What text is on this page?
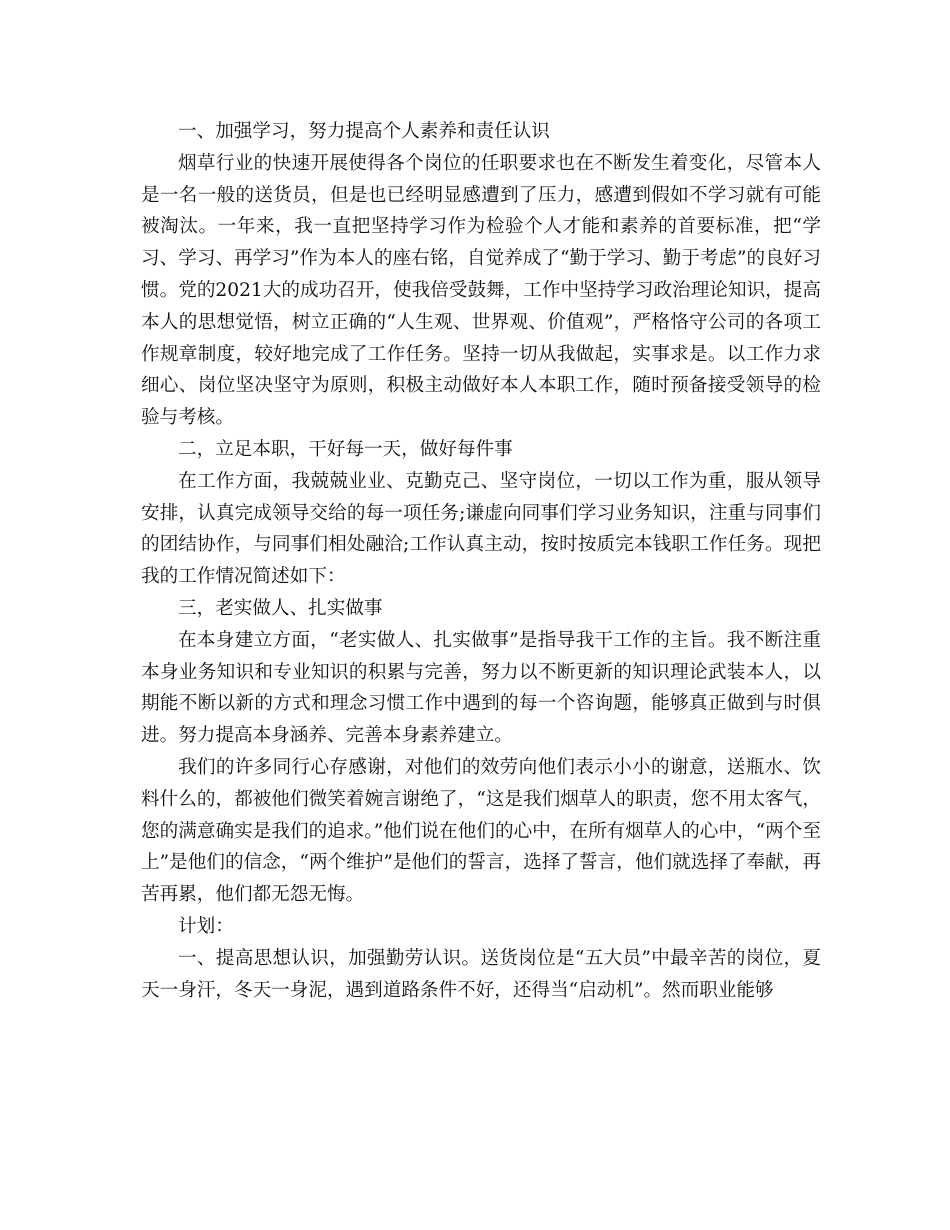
一、加强学习，努力提高个人素养和责任认识

烟草行业的快速开展使得各个岗位的任职要求也在不断发生着变化，尽管本人是一名一般的送货员，但是也已经明显感遭到了压力，感遭到假如不学习就有可能被淘汰。一年来，我一直把坚持学习作为检验个人才能和素养的首要标准，把“学习、学习、再学习”作为本人的座右铭，自觉养成了“勤于学习、勤于考虑”的良好习惯。党的2021大的成功召开，使我倍受鼓舞，工作中坚持学习政治理论知识，提高本人的思想觉悟，树立正确的“人生观、世界观、价值观”，严格恪守公司的各项工作规章制度，较好地完成了工作任务。坚持一切从我做起，实事求是。以工作力求细心、岗位坚决坚守为原则，积极主动做好本人本职工作，随时预备接受领导的检验与考核。

二，立足本职，干好每一天，做好每件事

在工作方面，我兢兢业业、克勤克己、坚守岗位，一切以工作为重，服从领导安排，认真完成领导交给的每一项任务;谦虚向同事们学习业务知识，注重与同事们的团结协作，与同事们相处融洽;工作认真主动，按时按质完本钱职工作任务。现把我的工作情况简述如下：

三，老实做人、扎实做事

在本身建立方面，“老实做人、扎实做事”是指导我干工作的主旨。我不断注重本身业务知识和专业知识的积累与完善，努力以不断更新的知识理论武装本人，以期能不断以新的方式和理念习惯工作中遇到的每一个咨询题，能够真正做到与时俱进。努力提高本身涵养、完善本身素养建立。

我们的许多同行心存感谢，对他们的效劳向他们表示小小的谢意，送瓶水、饮料什么的，都被他们微笑着婉言谢绝了，“这是我们烟草人的职责，您不用太客气，您的满意确实是我们的追求。”他们说在他们的心中，在所有烟草人的心中，“两个至上”是他们的信念，“两个维护”是他们的誓言，选择了誓言，他们就选择了奉献，再苦再累，他们都无怨无悔。

计划：

一、提高思想认识，加强勤劳认识。送货岗位是“五大员”中最辛苦的岗位，夏天一身汗，冬天一身泥，遇到道路条件不好，还得当“启动机”。然而职业能够
